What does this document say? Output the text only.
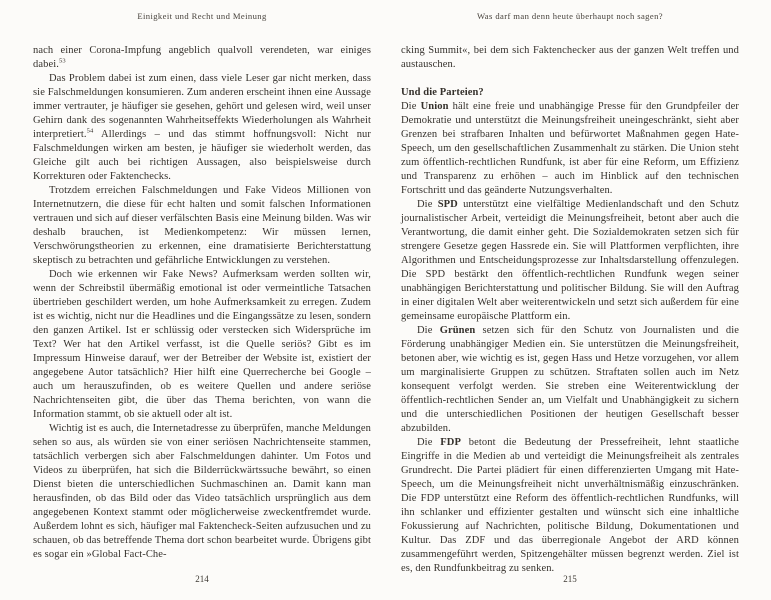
Einigkeit und Recht und Meinung

nach einer Corona-Impfung angeblich qualvoll verendeten, war einiges dabei.$^{53}$

Das Problem dabei ist zum einen, dass viele Leser gar nicht merken, dass sie Falschmeldungen konsumieren. Zum anderen erscheint ihnen eine Aussage immer vertrauter, je häufiger sie gesehen, gehört und gelesen wird, weil unser Gehirn dank des sogenannten Wahrheitseffekts Wiederholungen als Wahrheit interpretiert.$^{54}$ Allerdings – und das stimmt hoffnungsvoll: Nicht nur Falschmeldungen wirken am besten, je häufiger sie wiederholt werden, das Gleiche gilt auch bei richtigen Aussagen, also beispielsweise durch Korrekturen oder Faktenchecks.

Trotzdem erreichen Falschmeldungen und Fake Videos Millionen von Internetnutzern, die diese für echt halten und somit falschen Informationen vertrauen und sich auf dieser verfälschten Basis eine Meinung bilden. Was wir deshalb brauchen, ist Medienkompetenz: Wir müssen lernen, Verschwörungstheorien zu erkennen, eine dramatisierte Berichterstattung skeptisch zu betrachten und gefährliche Entwicklungen zu verstehen.

Doch wie erkennen wir Fake News? Aufmerksam werden sollten wir, wenn der Schreibstil übermäßig emotional ist oder vermeintliche Tatsachen übertrieben geschildert werden, um hohe Aufmerksamkeit zu erregen. Zudem ist es wichtig, nicht nur die Headlines und die Eingangssätze zu lesen, sondern den ganzen Artikel. Ist er schlüssig oder verstecken sich Widersprüche im Text? Wer hat den Artikel verfasst, ist die Quelle seriös? Gibt es im Impressum Hinweise darauf, wer der Betreiber der Website ist, existiert der angegebene Autor tatsächlich? Hier hilft eine Querrecherche bei Google – auch um herauszufinden, ob es weitere Quellen und andere seriöse Nachrichtenseiten gibt, die über das Thema berichten, von wann die Information stammt, ob sie aktuell oder alt ist.

Wichtig ist es auch, die Internetadresse zu überprüfen, manche Meldungen sehen so aus, als würden sie von einer seriösen Nachrichtenseite stammen, tatsächlich verbergen sich aber Falschmeldungen dahinter. Um Fotos und Videos zu überprüfen, hat sich die Bilderrückwärtssuche bewährt, so einen Dienst bieten die unterschiedlichen Suchmaschinen an. Damit kann man herausfinden, ob das Bild oder das Video tatsächlich ursprünglich aus dem angegebenen Kontext stammt oder möglicherweise zweckentfremdet wurde. Außerdem lohnt es sich, häufiger mal Faktencheck-Seiten aufzusuchen und zu schauen, ob das betreffende Thema dort schon bearbeitet wurde. Übrigens gibt es sogar ein »Global Fact-Che-

214
Was darf man denn heute überhaupt noch sagen?

cking Summit«, bei dem sich Faktenchecker aus der ganzen Welt treffen und austauschen.

Und die Parteien?

Die Union hält eine freie und unabhängige Presse für den Grundpfeiler der Demokratie und unterstützt die Meinungsfreiheit uneingeschränkt, sieht aber Grenzen bei strafbaren Inhalten und befürwortet Maßnahmen gegen Hate-Speech, um den gesellschaftlichen Zusammenhalt zu stärken. Die Union steht zum öffentlich-rechtlichen Rundfunk, ist aber für eine Reform, um Effizienz und Transparenz zu erhöhen – auch im Hinblick auf den technischen Fortschritt und das geänderte Nutzungsverhalten.

Die SPD unterstützt eine vielfältige Medienlandschaft und den Schutz journalistischer Arbeit, verteidigt die Meinungsfreiheit, betont aber auch die Verantwortung, die damit einher geht. Die Sozialdemokraten setzen sich für strengere Gesetze gegen Hassrede ein. Sie will Plattformen verpflichten, ihre Algorithmen und Entscheidungsprozesse zur Inhaltsdarstellung offenzulegen. Die SPD bestärkt den öffentlich-rechtlichen Rundfunk wegen seiner unabhängigen Berichterstattung und politischer Bildung. Sie will den Auftrag in einer digitalen Welt aber weiterentwickeln und setzt sich außerdem für eine gemeinsame europäische Plattform ein.

Die Grünen setzen sich für den Schutz von Journalisten und die Förderung unabhängiger Medien ein. Sie unterstützen die Meinungsfreiheit, betonen aber, wie wichtig es ist, gegen Hass und Hetze vorzugehen, vor allem um marginalisierte Gruppen zu schützen. Straftaten sollen auch im Netz konsequent verfolgt werden. Sie streben eine Weiterentwicklung der öffentlich-rechtlichen Sender an, um Vielfalt und Unabhängigkeit zu sichern und die unterschiedlichen Positionen der heutigen Gesellschaft besser abzubilden.

Die FDP betont die Bedeutung der Pressefreiheit, lehnt staatliche Eingriffe in die Medien ab und verteidigt die Meinungsfreiheit als zentrales Grundrecht. Die Partei plädiert für einen differenzierten Umgang mit Hate-Speech, um die Meinungsfreiheit nicht unverhältnismäßig einzuschränken. Die FDP unterstützt eine Reform des öffentlich-rechtlichen Rundfunks, will ihn schlanker und effizienter gestalten und wünscht sich eine inhaltliche Fokussierung auf Nachrichten, politische Bildung, Dokumentationen und Kultur. Das ZDF und das überregionale Angebot der ARD können zusammengeführt werden, Spitzengehälter müssen begrenzt werden. Ziel ist es, den Rundfunkbeitrag zu senken.

215
